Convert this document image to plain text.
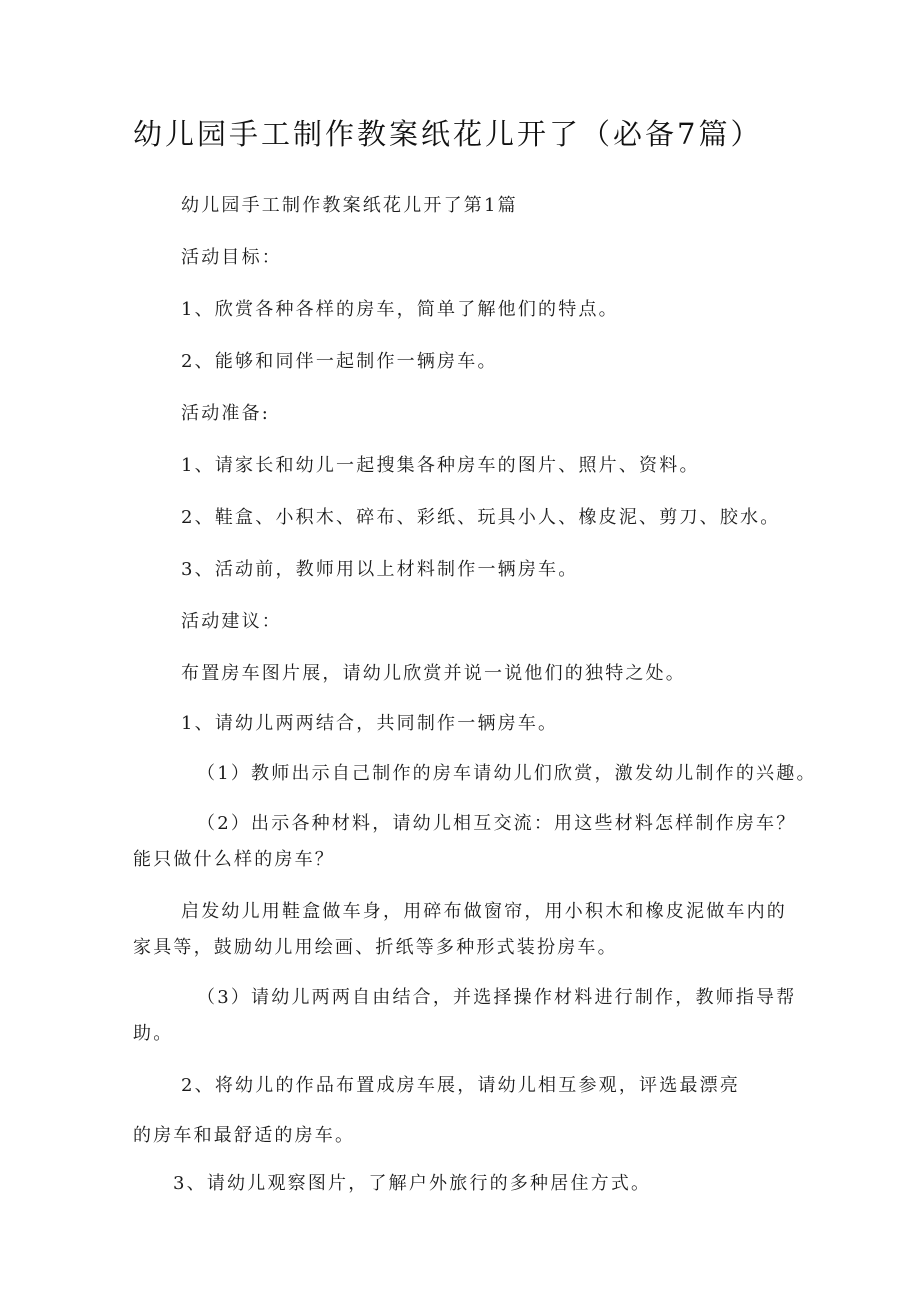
幼儿园手工制作教案纸花儿开了（必备7篇）
幼儿园手工制作教案纸花儿开了第1篇
活动目标：
1、欣赏各种各样的房车，简单了解他们的特点。
2、能够和同伴一起制作一辆房车。
活动准备:
1、请家长和幼儿一起搜集各种房车的图片、照片、资料。
2、鞋盒、小积木、碎布、彩纸、玩具小人、橡皮泥、剪刀、胶水。
3、活动前，教师用以上材料制作一辆房车。
活动建议：
布置房车图片展，请幼儿欣赏并说一说他们的独特之处。
1、请幼儿两两结合，共同制作一辆房车。
（1）教师出示自己制作的房车请幼儿们欣赏，激发幼儿制作的兴趣。
（2）出示各种材料，请幼儿相互交流：用这些材料怎样制作房车？
能只做什么样的房车？
启发幼儿用鞋盒做车身，用碎布做窗帘，用小积木和橡皮泥做车内的
家具等，鼓励幼儿用绘画、折纸等多种形式装扮房车。
（3）请幼儿两两自由结合，并选择操作材料进行制作，教师指导帮
助。
2、将幼儿的作品布置成房车展，请幼儿相互参观，评选最漂亮
的房车和最舒适的房车。
3、请幼儿观察图片，了解户外旅行的多种居住方式。
